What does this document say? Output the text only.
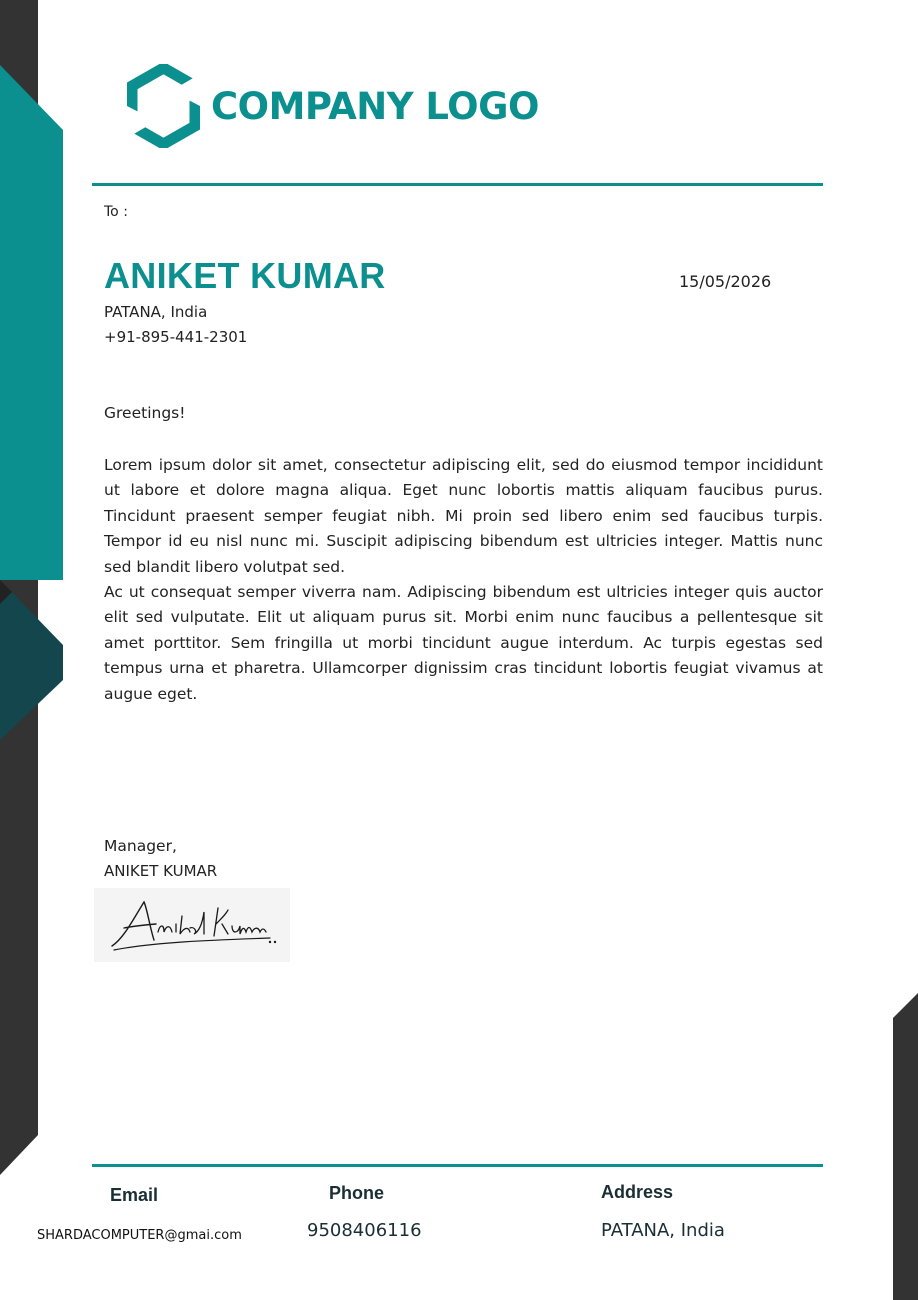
COMPANY LOGO
To :
ANIKET KUMAR	15/05/2026
PATANA, India
+91-895-441-2301
Greetings!

Lorem ipsum dolor sit amet, consectetur adipiscing elit, sed do eiusmod tempor incididunt ut labore et dolore magna aliqua. Eget nunc lobortis mattis aliquam faucibus purus. Tincidunt praesent semper feugiat nibh. Mi proin sed libero enim sed faucibus turpis. Tempor id eu nisl nunc mi. Suscipit adipiscing bibendum est ultricies integer. Mattis nunc sed blandit libero volutpat sed.

Ac ut consequat semper viverra nam. Adipiscing bibendum est ultricies integer quis auctor elit sed vulputate. Elit ut aliquam purus sit. Morbi enim nunc faucibus a pellentesque sit amet porttitor. Sem fringilla ut morbi tincidunt augue interdum. Ac turpis egestas sed tempus urna et pharetra. Ullamcorper dignissim cras tincidunt lobortis feugiat vivamus at augue eget.

Manager,
ANIKET KUMAR
Email	Phone	Address
SHARDACOMPUTER@gmai.com	9508406116	PATANA, India
